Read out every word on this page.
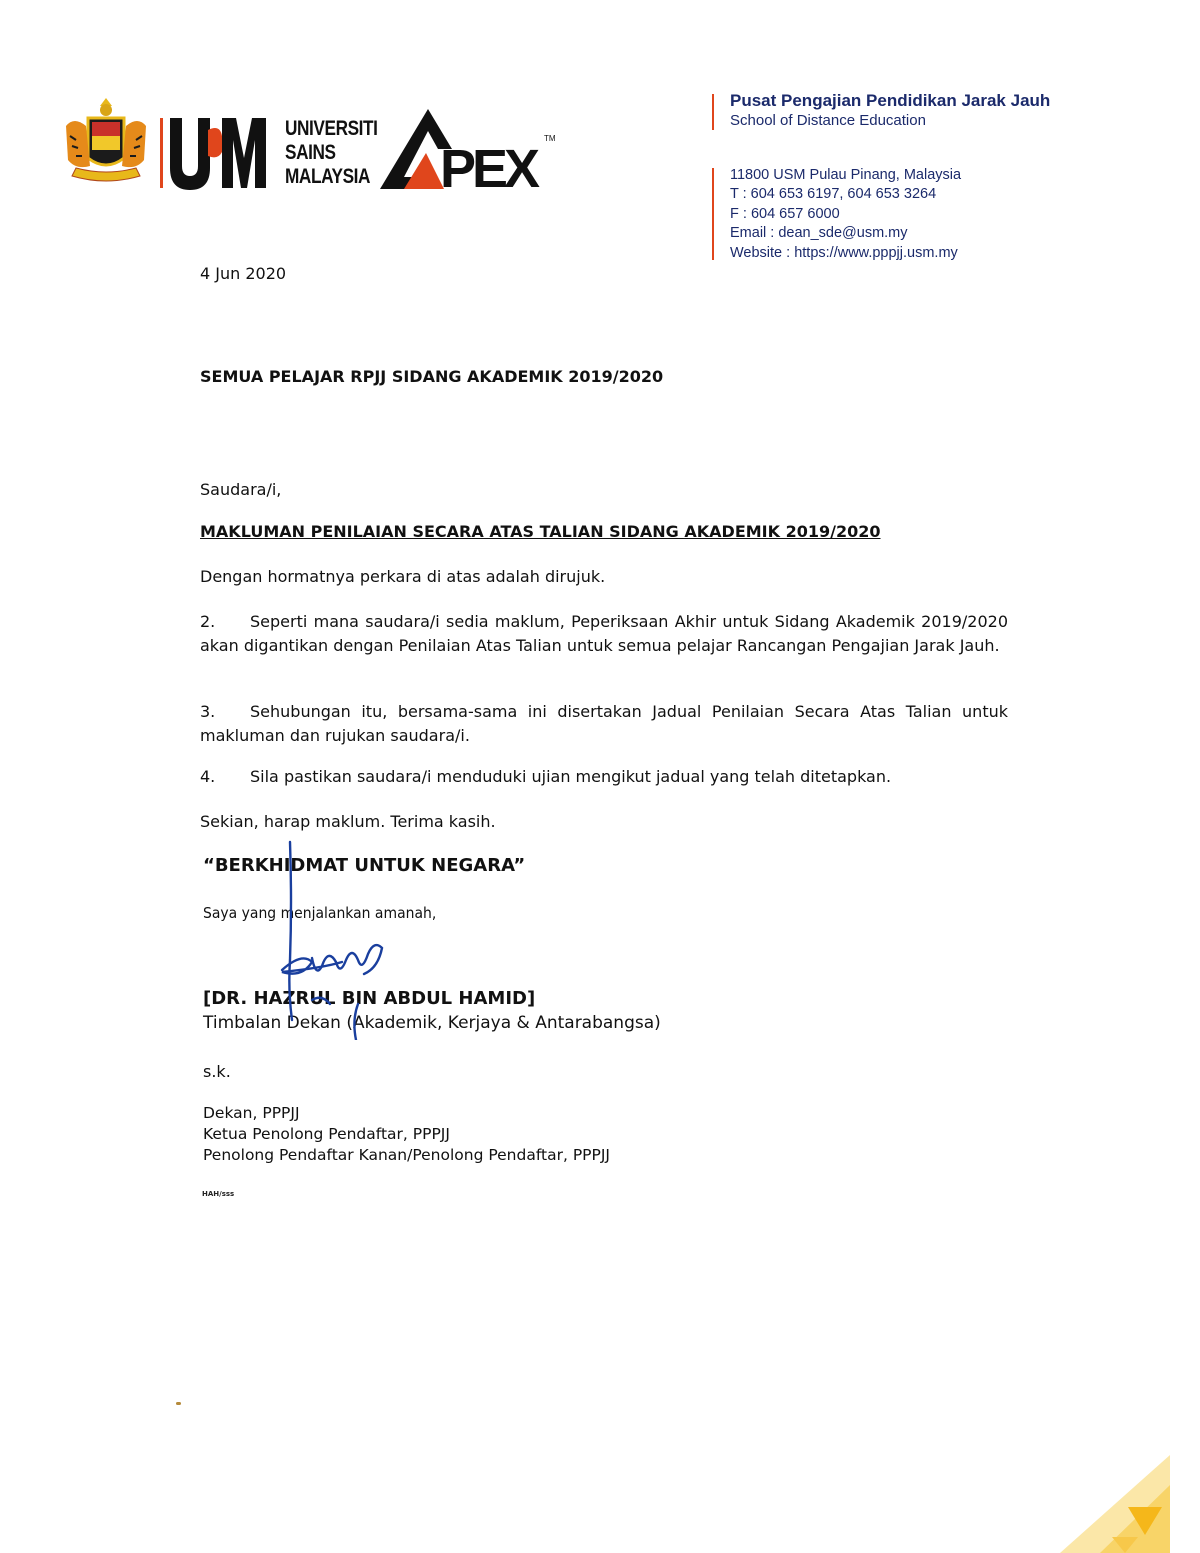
UNIVERSITI
SAINS
MALAYSIA PEX
TM
Pusat Pengajian Pendidikan Jarak Jauh
School of Distance Education
11800 USM Pulau Pinang, Malaysia
T : 604 653 6197, 604 653 3264
F : 604 657 6000
Email : dean_sde@usm.my
Website : https://www.pppjj.usm.my
4 Jun 2020
SEMUA PELAJAR RPJJ SIDANG AKADEMIK 2019/2020
Saudara/i,
MAKLUMAN PENILAIAN SECARA ATAS TALIAN SIDANG AKADEMIK 2019/2020
Dengan hormatnya perkara di atas adalah dirujuk.
2. Seperti mana saudara/i sedia maklum, Peperiksaan Akhir untuk Sidang Akademik 2019/2020 akan digantikan dengan Penilaian Atas Talian untuk semua pelajar Rancangan Pengajian Jarak Jauh.
3. Sehubungan itu, bersama-sama ini disertakan Jadual Penilaian Secara Atas Talian untuk makluman dan rujukan saudara/i.
4. Sila pastikan saudara/i menduduki ujian mengikut jadual yang telah ditetapkan.
Sekian, harap maklum. Terima kasih.
“BERKHIDMAT UNTUK NEGARA”
Saya yang menjalankan amanah,
[DR. HAZRUL BIN ABDUL HAMID]
Timbalan Dekan (Akademik, Kerjaya & Antarabangsa)
s.k.
Dekan, PPPJJ
Ketua Penolong Pendaftar, PPPJJ
Penolong Pendaftar Kanan/Penolong Pendaftar, PPPJJ
HAH/sss
